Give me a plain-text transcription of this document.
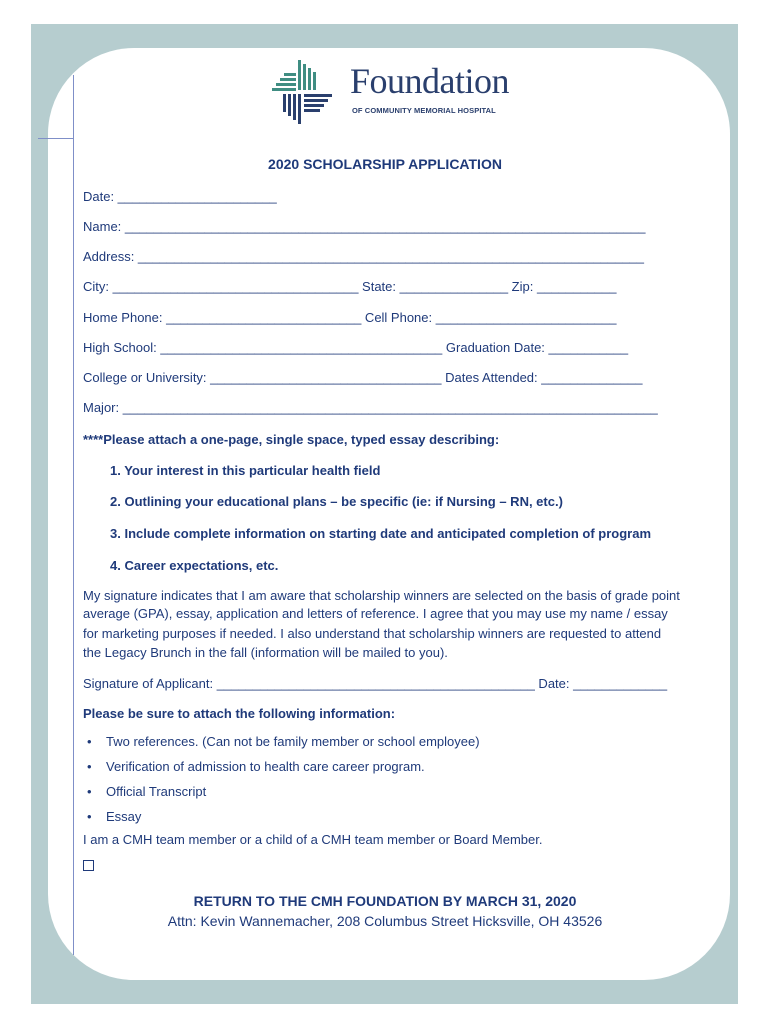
Foundation
OF COMMUNITY MEMORIAL HOSPITAL
2020 SCHOLARSHIP APPLICATION
Date: ______________________
Name: ________________________________________________________________________
Address: ______________________________________________________________________
City: __________________________________ State: _______________ Zip: ___________
Home Phone: ___________________________ Cell Phone: _________________________
High School: _______________________________________ Graduation Date: ___________
College or University: ________________________________ Dates Attended: ______________
Major: __________________________________________________________________________
****Please attach a one-page, single space, typed essay describing:
1. Your interest in this particular health field
2. Outlining your educational plans – be specific (ie: if Nursing – RN, etc.)
3. Include complete information on starting date and anticipated completion of program
4. Career expectations, etc.
My signature indicates that I am aware that scholarship winners are selected on the basis of grade point
average (GPA), essay, application and letters of reference. I agree that you may use my name / essay
for marketing purposes if needed. I also understand that scholarship winners are requested to attend
the Legacy Brunch in the fall (information will be mailed to you).
Signature of Applicant: ____________________________________________ Date: _____________
Please be sure to attach the following information:
• Two references. (Can not be family member or school employee)
• Verification of admission to health care career program.
• Official Transcript
• Essay
I am a CMH team member or a child of a CMH team member or Board Member.
RETURN TO THE CMH FOUNDATION BY MARCH 31, 2020
Attn: Kevin Wannemacher, 208 Columbus Street Hicksville, OH 43526
